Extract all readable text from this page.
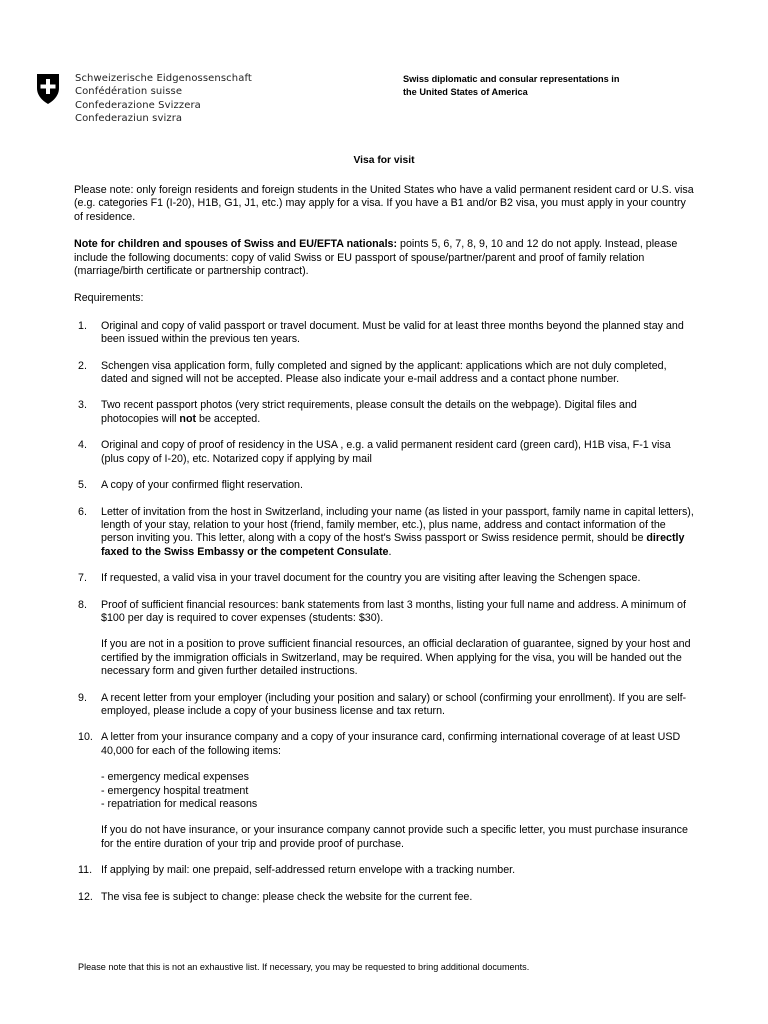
Schweizerische Eidgenossenschaft
Confédération suisse
Confederazione Svizzera
Confederaziun svizra
Swiss diplomatic and consular representations in
the United States of America
Visa for visit

Please note: only foreign residents and foreign students in the United States who have a valid permanent resident card or U.S. visa (e.g. categories F1 (I-20), H1B, G1, J1, etc.) may apply for a visa. If you have a B1 and/or B2 visa, you must apply in your country of residence.

Note for children and spouses of Swiss and EU/EFTA nationals: points 5, 6, 7, 8, 9, 10 and 12 do not apply. Instead, please include the following documents: copy of valid Swiss or EU passport of spouse/partner/parent and proof of family relation (marriage/birth certificate or partnership contract).

Requirements:
1. Original and copy of valid passport or travel document. Must be valid for at least three months beyond the planned stay and been issued within the previous ten years.
2. Schengen visa application form, fully completed and signed by the applicant: applications which are not duly completed, dated and signed will not be accepted. Please also indicate your e-mail address and a contact phone number.
3. Two recent passport photos (very strict requirements, please consult the details on the webpage). Digital files and photocopies will not be accepted.
4. Original and copy of proof of residency in the USA , e.g. a valid permanent resident card (green card), H1B visa, F-1 visa (plus copy of I-20), etc. Notarized copy if applying by mail
5. A copy of your confirmed flight reservation.
6. Letter of invitation from the host in Switzerland, including your name (as listed in your passport, family name in capital letters), length of your stay, relation to your host (friend, family member, etc.), plus name, address and contact information of the person inviting you. This letter, along with a copy of the host's Swiss passport or Swiss residence permit, should be directly faxed to the Swiss Embassy or the competent Consulate.
7. If requested, a valid visa in your travel document for the country you are visiting after leaving the Schengen space.
8. Proof of sufficient financial resources: bank statements from last 3 months, listing your full name and address. A minimum of $100 per day is required to cover expenses (students: $30).
If you are not in a position to prove sufficient financial resources, an official declaration of guarantee, signed by your host and certified by the immigration officials in Switzerland, may be required. When applying for the visa, you will be handed out the necessary form and given further detailed instructions.
9. A recent letter from your employer (including your position and salary) or school (confirming your enrollment). If you are self-employed, please include a copy of your business license and tax return.
10. A letter from your insurance company and a copy of your insurance card, confirming international coverage of at least USD 40,000 for each of the following items:
- emergency medical expenses
- emergency hospital treatment
- repatriation for medical reasons
If you do not have insurance, or your insurance company cannot provide such a specific letter, you must purchase insurance for the entire duration of your trip and provide proof of purchase.
11. If applying by mail: one prepaid, self-addressed return envelope with a tracking number.
12. The visa fee is subject to change: please check the website for the current fee.
Please note that this is not an exhaustive list. If necessary, you may be requested to bring additional documents.
